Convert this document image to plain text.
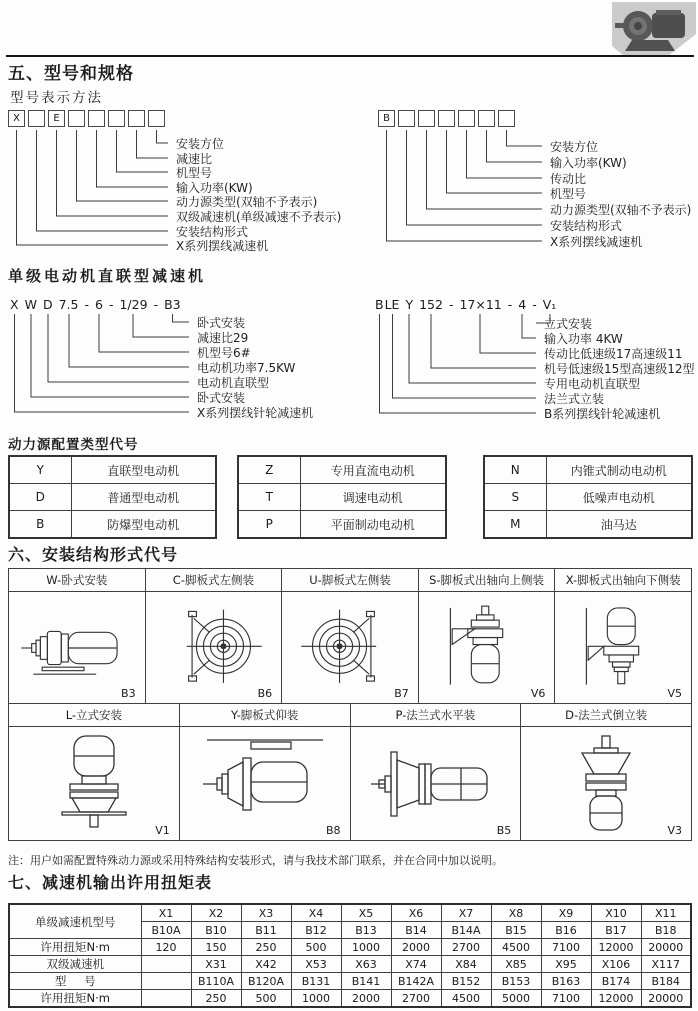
五、型号和规格
型号表示方法
单级电动机直联型减速机
动力源配置类型代号
六、安装结构形式代号
注：用户如需配置特殊动力源或采用特殊结构安装形式，请与我技术部门联系，并在合同中加以说明。
七、减速机输出许用扭矩表
X	E
安装方位
减速比
机型号
输入功率(KW)
动力源类型(双轴不予表示)
双级减速机(单级减速不予表示)
安装结构形式
X系列摆线减速机
B
安装方位
输入功率(KW)
传动比
机型号
动力源类型(双轴不予表示)
安装结构形式
X系列摆线减速机
X W D 7.5 - 6 - 1/29 - B3
卧式安装
减速比29
机型号6#
电动机功率7.5KW
电动机直联型
卧式安装
X系列摆线针轮减速机
BLE Y 152 - 17×11 - 4 - V₁
立式安装
输入功率 4KW
传动比低速级17高速级11
机号低速级15型高速级12型
专用电动机直联型
法兰式立装
B系列摆线针轮减速机
Y	直联型电动机
D	普通型电动机
B	防爆型电动机
Z	专用直流电动机
T	调速电动机
P	平面制动电动机
N	内锥式制动电动机
S	低噪声电动机
M	油马达
W-卧式安装	C-脚板式左侧装	U-脚板式左侧装	S-脚板式出轴向上侧装	X-脚板式出轴向下侧装

B3	B6	B7	V6	V5
L-立式安装	Y-脚板式仰装	P-法兰式水平装	D-法兰式倒立装

V1	B8	B5	V3
单级减速机型号	X1	X2	X3	X4	X5	X6	X7	X8	X9	X10	X11
	B10A	B10	B11	B12	B13	B14	B14A	B15	B16	B17	B18
许用扭矩N·m	120	150	250	500	1000	2000	2700	4500	7100	12000	20000
双级减速机		X31	X42	X53	X63	X74	X84	X85	X95	X106	X117
型 号		B110A	B120A	B131	B141	B142A	B152	B153	B163	B174	B184
许用扭矩N·m		250	500	1000	2000	2700	4500	5000	7100	12000	20000
